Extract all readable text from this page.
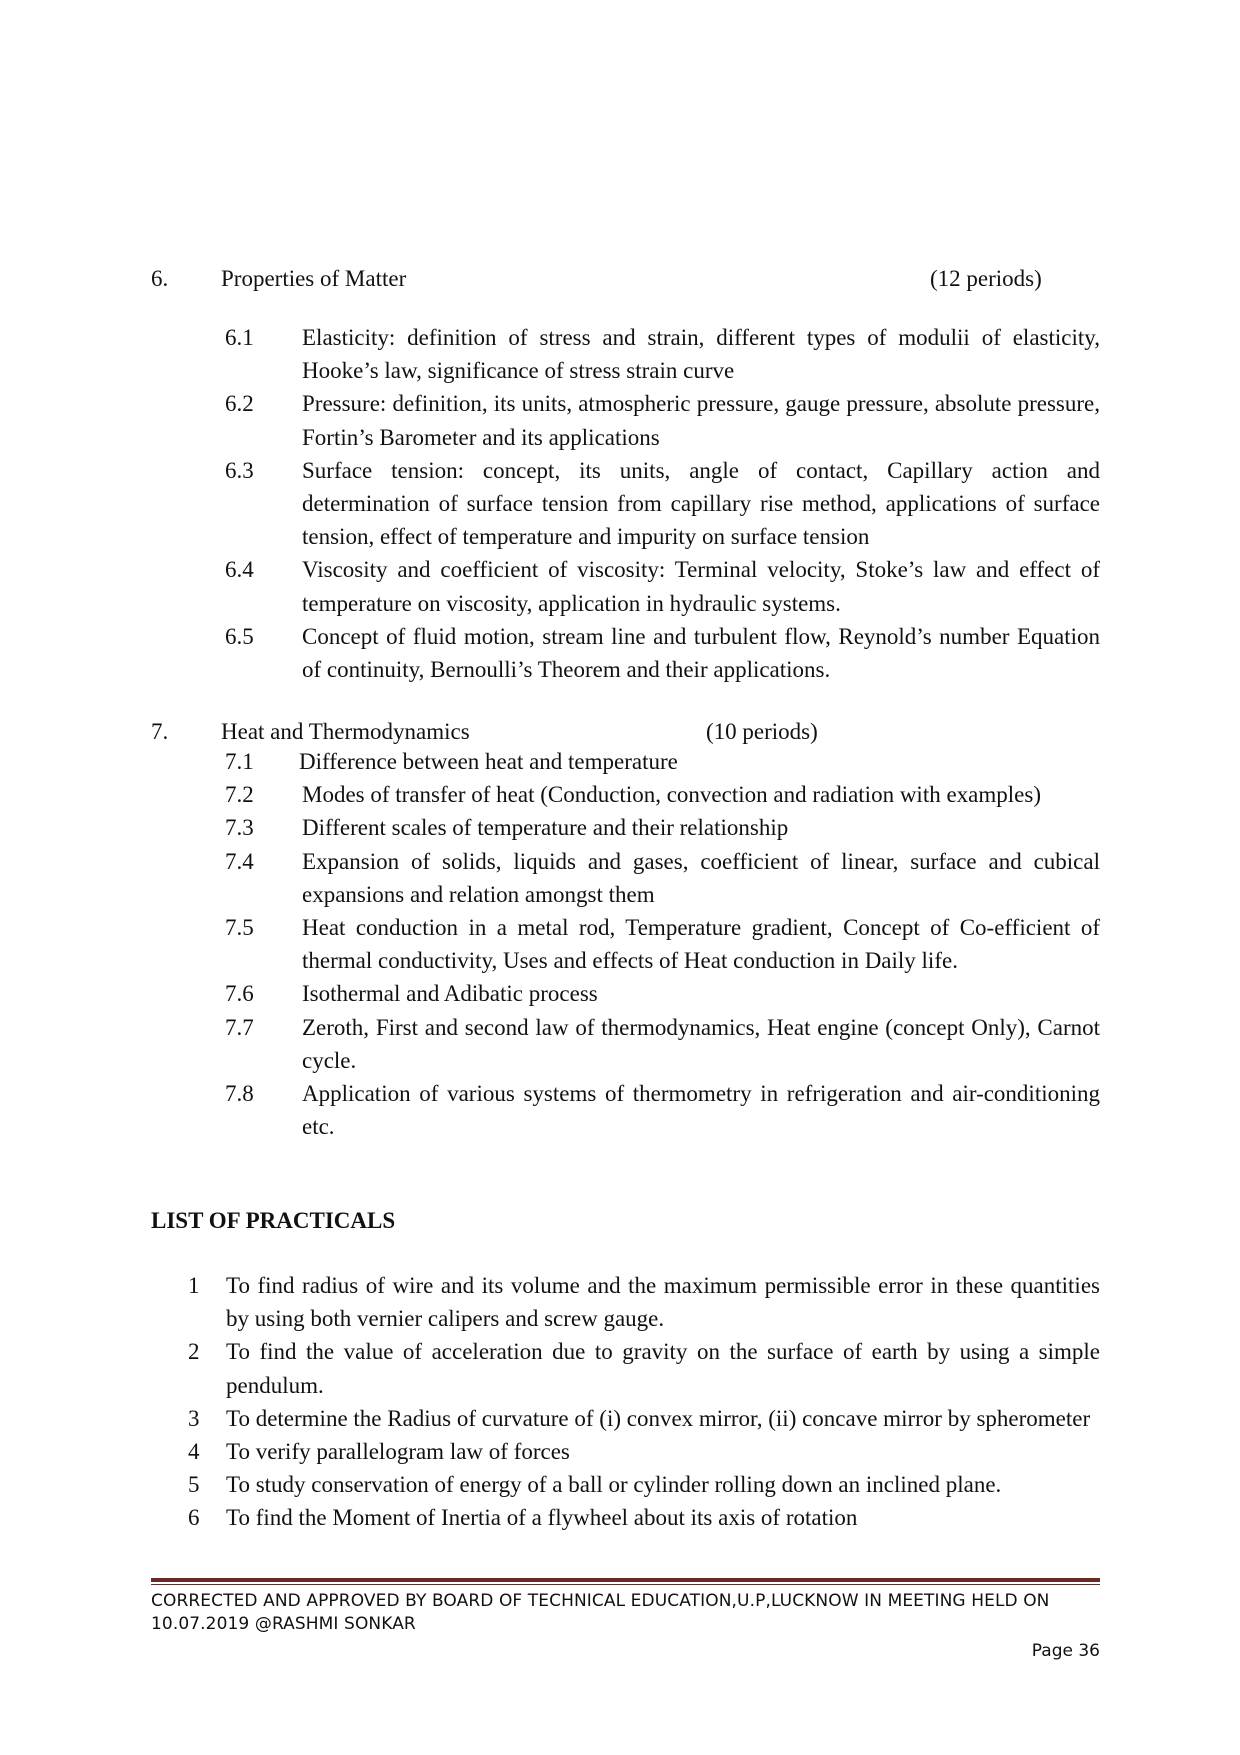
6. Properties of Matter	(12 periods)
6.1 Elasticity: definition of stress and strain, different types of modulii of elasticity, Hooke’s law, significance of stress strain curve
6.2 Pressure: definition, its units, atmospheric pressure, gauge pressure, absolute pressure, Fortin’s Barometer and its applications
6.3 Surface tension: concept, its units, angle of contact, Capillary action and determination of surface tension from capillary rise method, applications of surface tension, effect of temperature and impurity on surface tension
6.4 Viscosity and coefficient of viscosity: Terminal velocity, Stoke’s law and effect of temperature on viscosity, application in hydraulic systems.
6.5 Concept of fluid motion, stream line and turbulent flow, Reynold’s number Equation of continuity, Bernoulli’s Theorem and their applications.
7. Heat and Thermodynamics	(10 periods)
7.1 Difference between heat and temperature
7.2 Modes of transfer of heat (Conduction, convection and radiation with examples)
7.3 Different scales of temperature and their relationship
7.4 Expansion of solids, liquids and gases, coefficient of linear, surface and cubical expansions and relation amongst them
7.5 Heat conduction in a metal rod, Temperature gradient, Concept of Co-efficient of thermal conductivity, Uses and effects of Heat conduction in Daily life.
7.6 Isothermal and Adibatic process
7.7 Zeroth, First and second law of thermodynamics, Heat engine (concept Only), Carnot cycle.
7.8 Application of various systems of thermometry in refrigeration and air-conditioning etc.
LIST OF PRACTICALS
1 To find radius of wire and its volume and the maximum permissible error in these quantities by using both vernier calipers and screw gauge.
2 To find the value of acceleration due to gravity on the surface of earth by using a simple pendulum.
3 To determine the Radius of curvature of (i) convex mirror, (ii) concave mirror by spherometer
4 To verify parallelogram law of forces
5 To study conservation of energy of a ball or cylinder rolling down an inclined plane.
6 To find the Moment of Inertia of a flywheel about its axis of rotation
CORRECTED AND APPROVED BY BOARD OF TECHNICAL EDUCATION,U.P,LUCKNOW IN MEETING HELD ON 10.07.2019 @RASHMI SONKAR
Page 36
